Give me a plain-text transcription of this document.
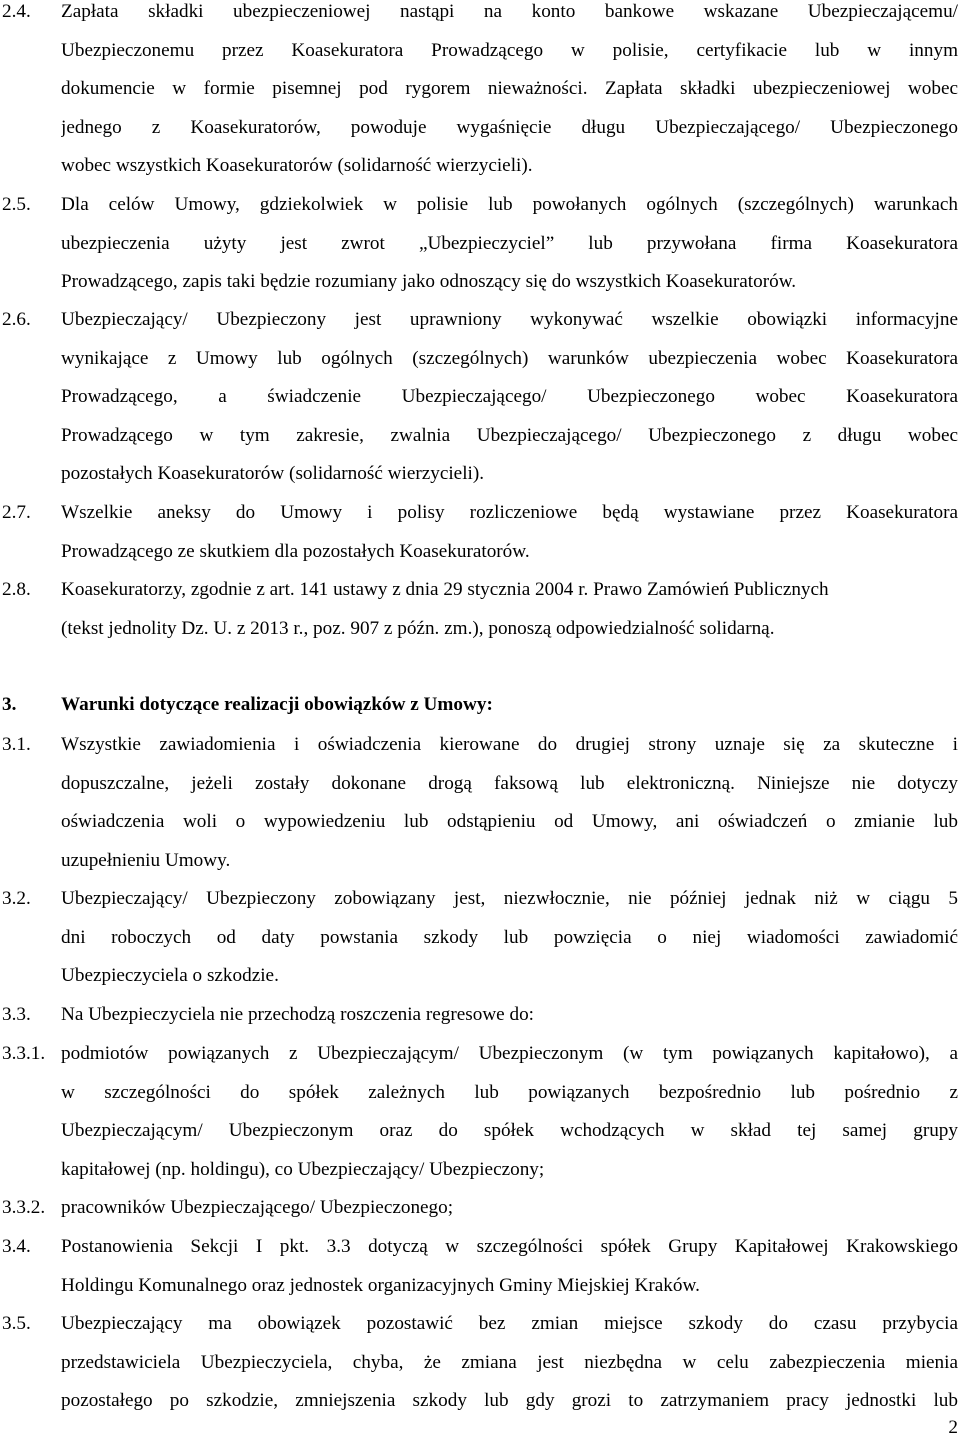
2.4. Zapłata składki ubezpieczeniowej nastąpi na konto bankowe wskazane Ubezpieczającemu/
Ubezpieczonemu przez Koasekuratora Prowadzącego w polisie, certyfikacie lub w innym
dokumencie w formie pisemnej pod rygorem nieważności. Zapłata składki ubezpieczeniowej wobec
jednego z Koasekuratorów, powoduje wygaśnięcie długu Ubezpieczającego/ Ubezpieczonego
wobec wszystkich Koasekuratorów (solidarność wierzycieli).
2.5. Dla celów Umowy, gdziekolwiek w polisie lub powołanych ogólnych (szczególnych) warunkach
ubezpieczenia użyty jest zwrot „Ubezpieczyciel” lub przywołana firma Koasekuratora
Prowadzącego, zapis taki będzie rozumiany jako odnoszący się do wszystkich Koasekuratorów.
2.6. Ubezpieczający/ Ubezpieczony jest uprawniony wykonywać wszelkie obowiązki informacyjne
wynikające z Umowy lub ogólnych (szczególnych) warunków ubezpieczenia wobec Koasekuratora
Prowadzącego, a świadczenie Ubezpieczającego/ Ubezpieczonego wobec Koasekuratora
Prowadzącego w tym zakresie, zwalnia Ubezpieczającego/ Ubezpieczonego z długu wobec
pozostałych Koasekuratorów (solidarność wierzycieli).
2.7. Wszelkie aneksy do Umowy i polisy rozliczeniowe będą wystawiane przez Koasekuratora
Prowadzącego ze skutkiem dla pozostałych Koasekuratorów.
2.8. Koasekuratorzy, zgodnie z art. 141 ustawy z dnia 29 stycznia 2004 r. Prawo Zamówień Publicznych
(tekst jednolity Dz. U. z 2013 r., poz. 907 z późn. zm.), ponoszą odpowiedzialność solidarną.
3. Warunki dotyczące realizacji obowiązków z Umowy:
3.1. Wszystkie zawiadomienia i oświadczenia kierowane do drugiej strony uznaje się za skuteczne i
dopuszczalne, jeżeli zostały dokonane drogą faksową lub elektroniczną. Niniejsze nie dotyczy
oświadczenia woli o wypowiedzeniu lub odstąpieniu od Umowy, ani oświadczeń o zmianie lub
uzupełnieniu Umowy.
3.2. Ubezpieczający/ Ubezpieczony zobowiązany jest, niezwłocznie, nie później jednak niż w ciągu 5
dni roboczych od daty powstania szkody lub powzięcia o niej wiadomości zawiadomić
Ubezpieczyciela o szkodzie.
3.3. Na Ubezpieczyciela nie przechodzą roszczenia regresowe do:
3.3.1. podmiotów powiązanych z Ubezpieczającym/ Ubezpieczonym (w tym powiązanych kapitałowo), a
w szczególności do spółek zależnych lub powiązanych bezpośrednio lub pośrednio z
Ubezpieczającym/ Ubezpieczonym oraz do spółek wchodzących w skład tej samej grupy
kapitałowej (np. holdingu), co Ubezpieczający/ Ubezpieczony;
3.3.2. pracowników Ubezpieczającego/ Ubezpieczonego;
3.4. Postanowienia Sekcji I pkt. 3.3 dotyczą w szczególności spółek Grupy Kapitałowej Krakowskiego
Holdingu Komunalnego oraz jednostek organizacyjnych Gminy Miejskiej Kraków.
3.5. Ubezpieczający ma obowiązek pozostawić bez zmian miejsce szkody do czasu przybycia
przedstawiciela Ubezpieczyciela, chyba, że zmiana jest niezbędna w celu zabezpieczenia mienia
pozostałego po szkodzie, zmniejszenia szkody lub gdy grozi to zatrzymaniem pracy jednostki lub
2
